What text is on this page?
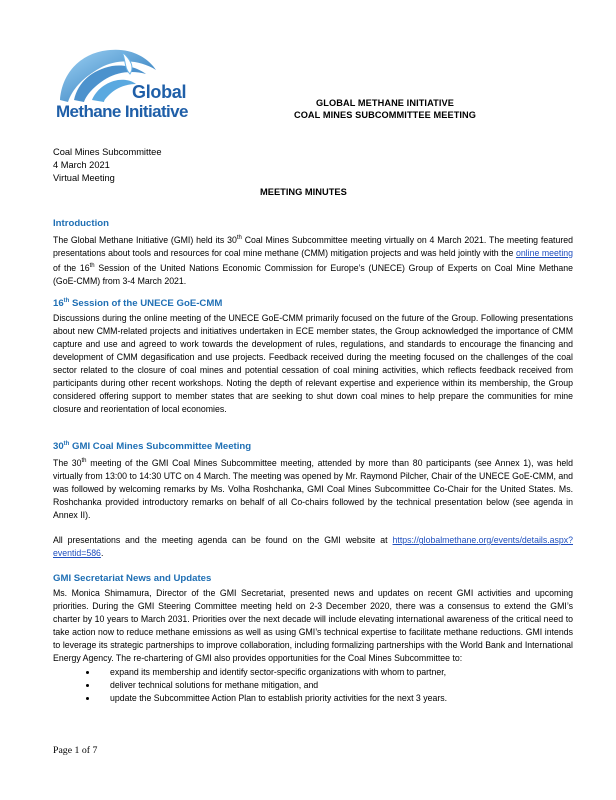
Global
Methane Initiative	GLOBAL METHANE INITIATIVE
COAL MINES SUBCOMMITTEE MEETING
Coal Mines Subcommittee
4 March 2021
Virtual Meeting
MEETING MINUTES
Introduction

The Global Methane Initiative (GMI) held its 30th Coal Mines Subcommittee meeting virtually on 4 March 2021. The meeting featured presentations about tools and resources for coal mine methane (CMM) mitigation projects and was held jointly with the online meeting of the 16th Session of the United Nations Economic Commission for Europe’s (UNECE) Group of Experts on Coal Mine Methane (GoE-CMM) from 3-4 March 2021.

16th Session of the UNECE GoE-CMM

Discussions during the online meeting of the UNECE GoE-CMM primarily focused on the future of the Group. Following presentations about new CMM-related projects and initiatives undertaken in ECE member states, the Group acknowledged the importance of CMM capture and use and agreed to work towards the development of rules, regulations, and standards to encourage the financing and development of CMM degasification and use projects. Feedback received during the meeting focused on the challenges of the coal sector related to the closure of coal mines and potential cessation of coal mining activities, which reflects feedback received from participants during other recent workshops. Noting the depth of relevant expertise and experience within its membership, the Group considered offering support to member states that are seeking to shut down coal mines to help prepare the communities for mine closure and reorientation of local economies.

30th GMI Coal Mines Subcommittee Meeting

The 30th meeting of the GMI Coal Mines Subcommittee meeting, attended by more than 80 participants (see Annex 1), was held virtually from 13:00 to 14:30 UTC on 4 March. The meeting was opened by Mr. Raymond Pilcher, Chair of the UNECE GoE-CMM, and was followed by welcoming remarks by Ms. Volha Roshchanka, GMI Coal Mines Subcommittee Co-Chair for the United States. Ms. Roshchanka provided introductory remarks on behalf of all Co-chairs followed by the technical presentation below (see agenda in Annex II).

All presentations and the meeting agenda can be found on the GMI website at https://globalmethane.org/events/details.aspx?eventid=586.

GMI Secretariat News and Updates

Ms. Monica Shimamura, Director of the GMI Secretariat, presented news and updates on recent GMI activities and upcoming priorities. During the GMI Steering Committee meeting held on 2-3 December 2020, there was a consensus to extend the GMI’s charter by 10 years to March 2031. Priorities over the next decade will include elevating international awareness of the critical need to take action now to reduce methane emissions as well as using GMI’s technical expertise to facilitate methane reductions. GMI intends to leverage its strategic partnerships to improve collaboration, including formalizing partnerships with the World Bank and International Energy Agency. The re-chartering of GMI also provides opportunities for the Coal Mines Subcommittee to:

• expand its membership and identify sector-specific organizations with whom to partner,
• deliver technical solutions for methane mitigation, and
• update the Subcommittee Action Plan to establish priority activities for the next 3 years.
Page 1 of 7
